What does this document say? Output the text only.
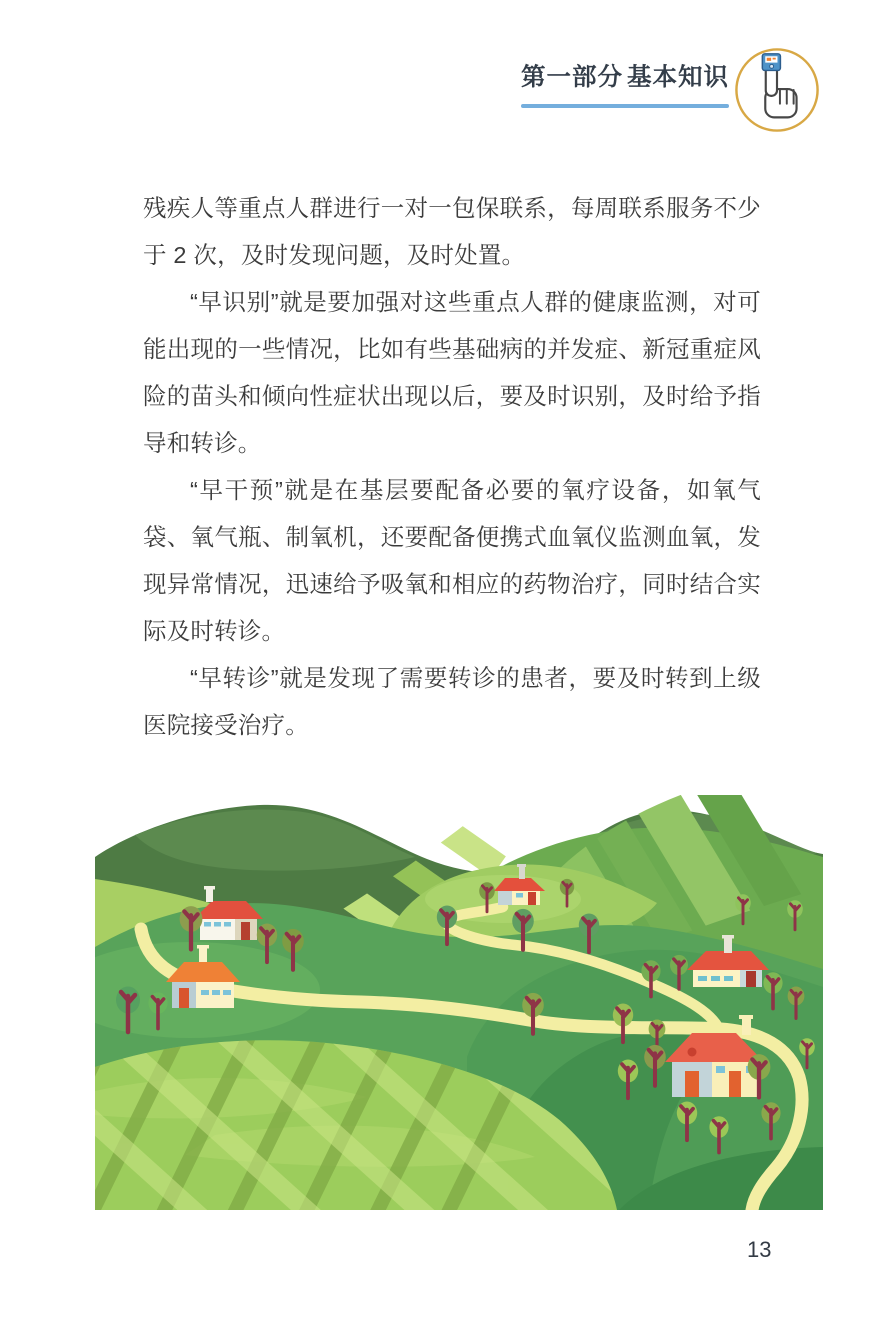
第一部分 基本知识

残疾人等重点人群进行一对一包保联系，每周联系服务不少于 2 次，及时发现问题，及时处置。

“早识别”就是要加强对这些重点人群的健康监测，对可能出现的一些情况，比如有些基础病的并发症、新冠重症风险的苗头和倾向性症状出现以后，要及时识别，及时给予指导和转诊。

“早干预”就是在基层要配备必要的氧疗设备，如氧气袋、氧气瓶、制氧机，还要配备便携式血氧仪监测血氧，发现异常情况，迅速给予吸氧和相应的药物治疗，同时结合实际及时转诊。

“早转诊”就是发现了需要转诊的患者，要及时转到上级医院接受治疗。

13
